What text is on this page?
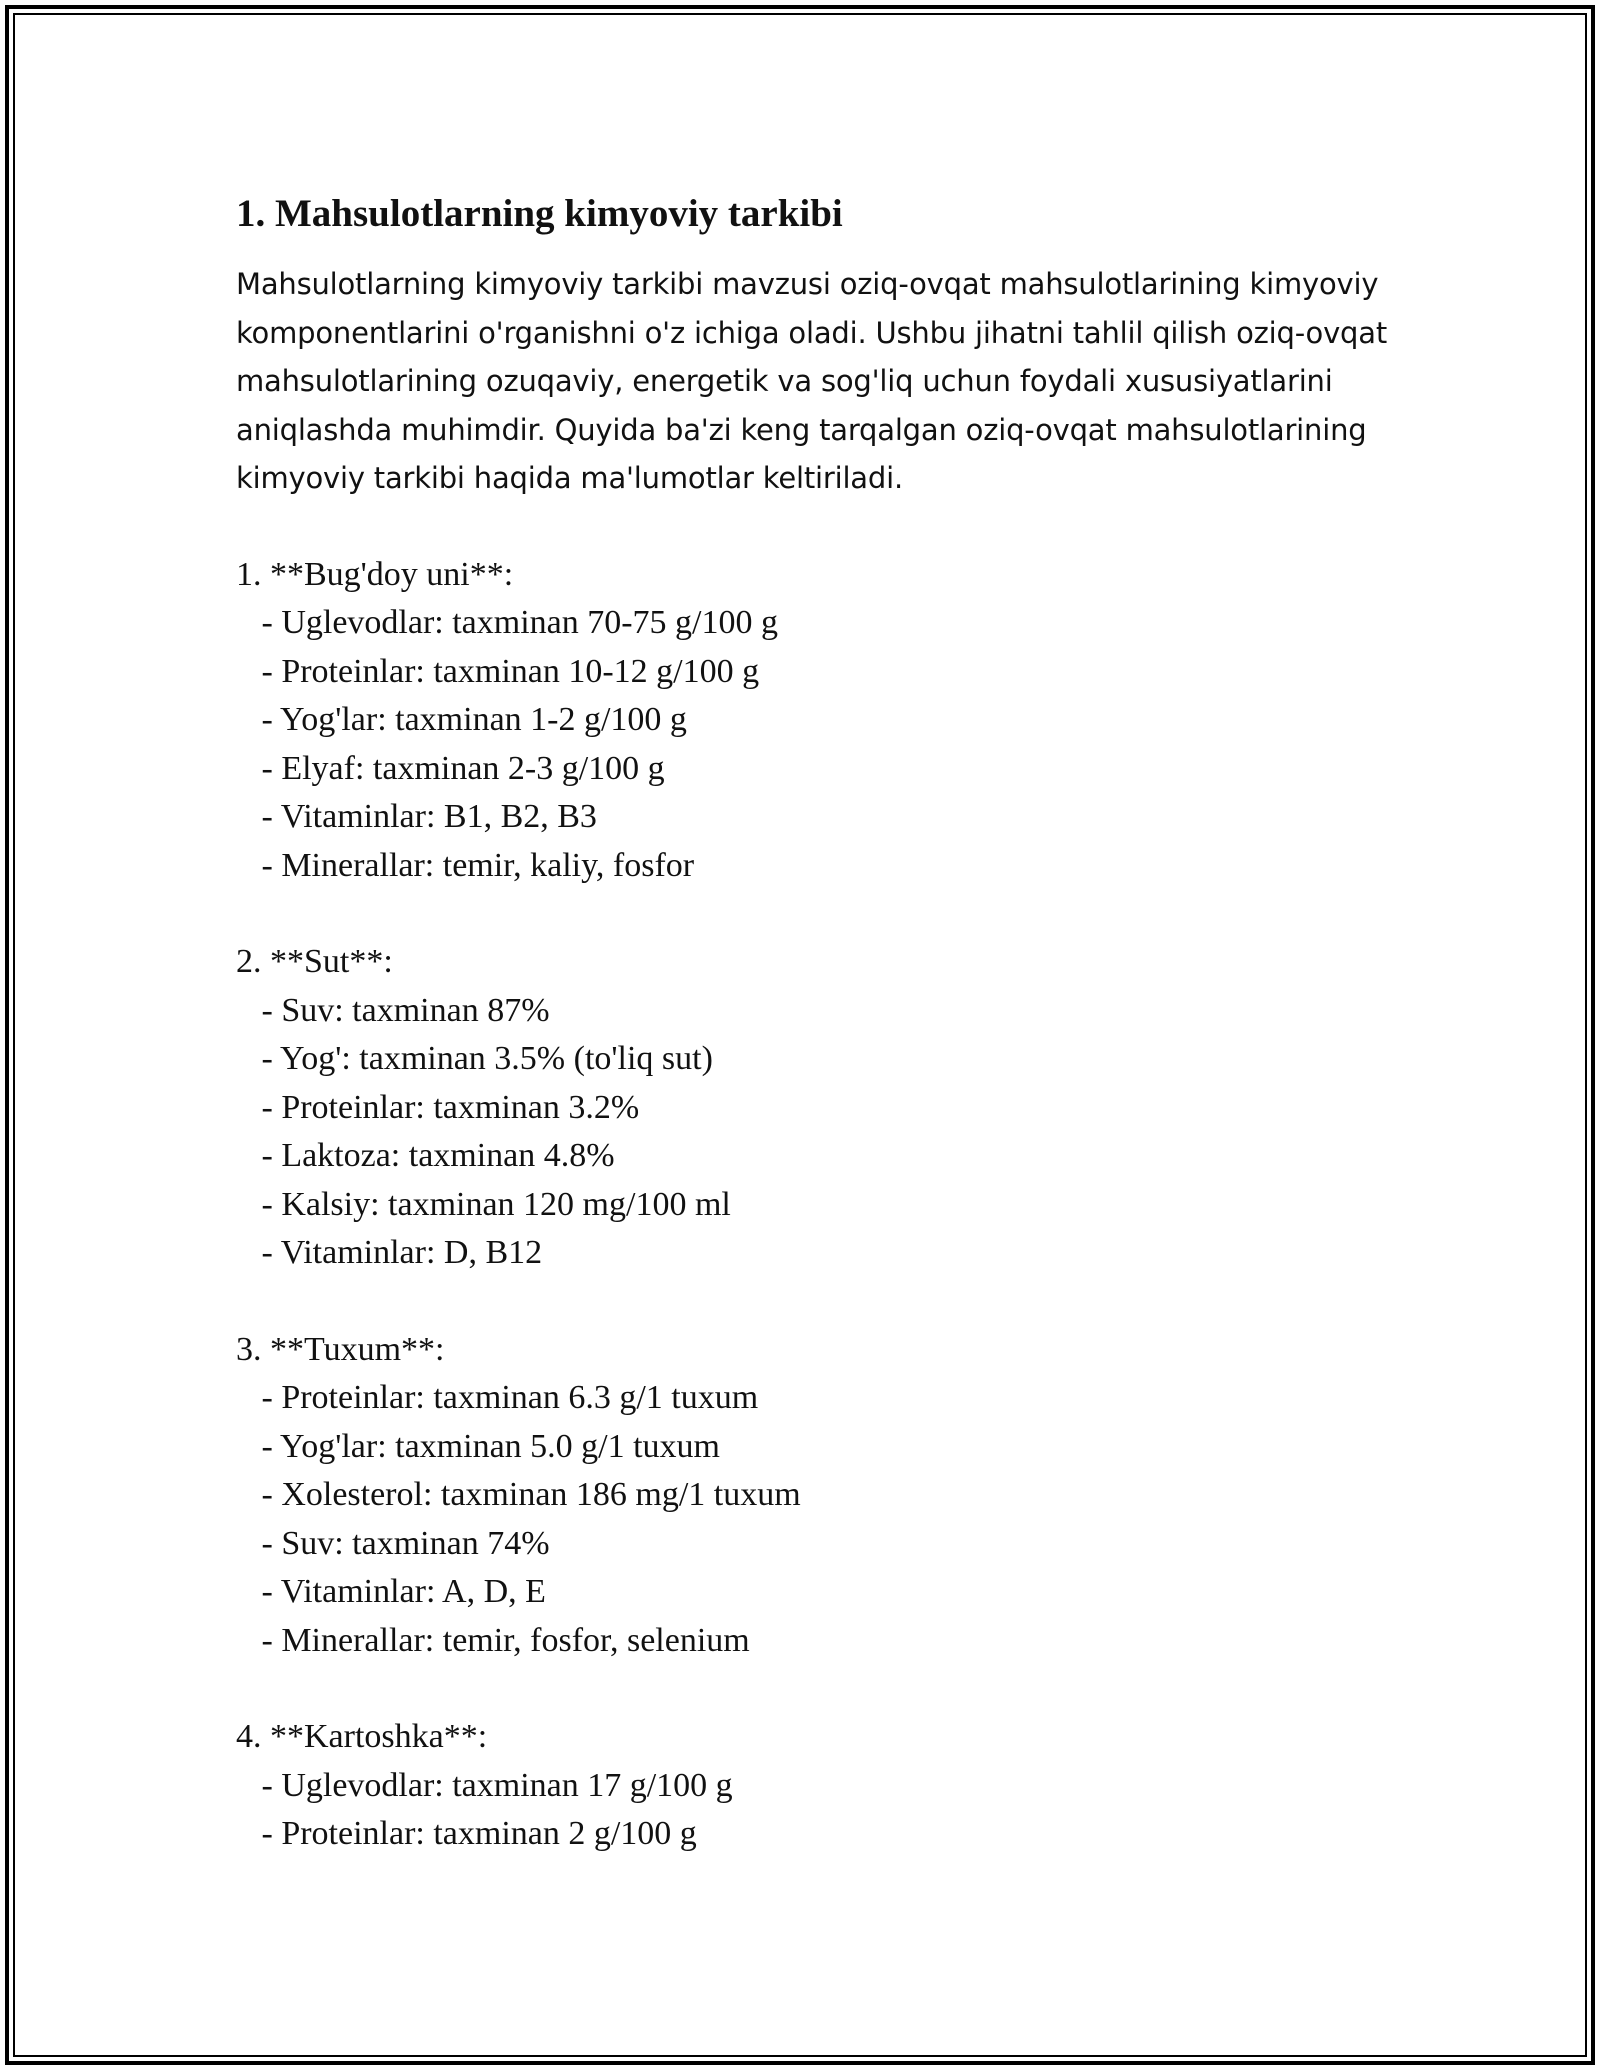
1. Mahsulotlarning kimyoviy tarkibi

Mahsulotlarning kimyoviy tarkibi mavzusi oziq-ovqat mahsulotlarining kimyoviy komponentlarini o'rganishni o'z ichiga oladi. Ushbu jihatni tahlil qilish oziq-ovqat mahsulotlarining ozuqaviy, energetik va sog'liq uchun foydali xususiyatlarini aniqlashda muhimdir. Quyida ba'zi keng tarqalgan oziq-ovqat mahsulotlarining kimyoviy tarkibi haqida ma'lumotlar keltiriladi.

1. **Bug'doy uni**:

- Uglevodlar: taxminan 70-75 g/100 g
- Proteinlar: taxminan 10-12 g/100 g
- Yog'lar: taxminan 1-2 g/100 g
- Elyaf: taxminan 2-3 g/100 g
- Vitaminlar: B1, B2, B3
- Minerallar: temir, kaliy, fosfor

2. **Sut**:

- Suv: taxminan 87%
- Yog': taxminan 3.5% (to'liq sut)
- Proteinlar: taxminan 3.2%
- Laktoza: taxminan 4.8%
- Kalsiy: taxminan 120 mg/100 ml
- Vitaminlar: D, B12

3. **Tuxum**:

- Proteinlar: taxminan 6.3 g/1 tuxum
- Yog'lar: taxminan 5.0 g/1 tuxum
- Xolesterol: taxminan 186 mg/1 tuxum
- Suv: taxminan 74%
- Vitaminlar: A, D, E
- Minerallar: temir, fosfor, selenium

4. **Kartoshka**:

- Uglevodlar: taxminan 17 g/100 g
- Proteinlar: taxminan 2 g/100 g
